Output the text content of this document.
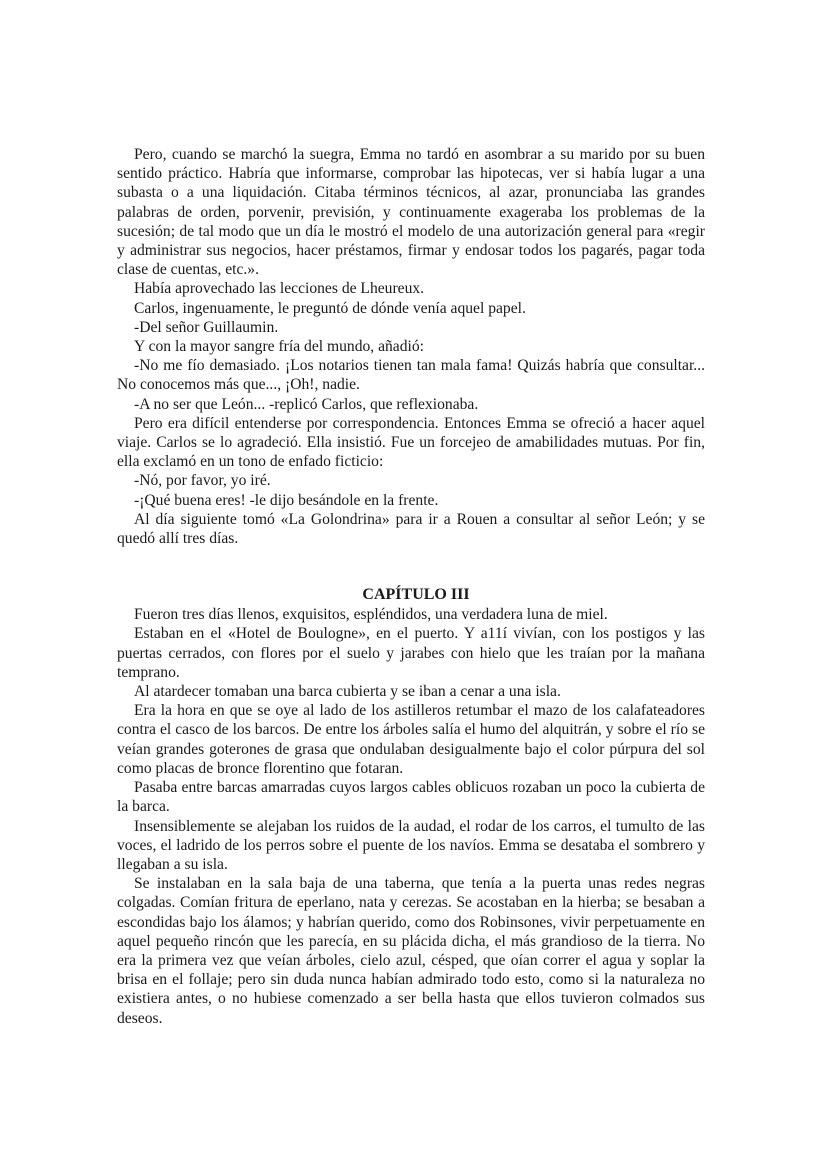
Pero, cuando se marchó la suegra, Emma no tardó en asombrar a su marido por su buen sentido práctico. Habría que informarse, comprobar las hipotecas, ver si había lugar a una subasta o a una liquidación. Citaba términos técnicos, al azar, pronunciaba las grandes palabras de orden, porvenir, previsión, y continuamente exageraba los problemas de la sucesión; de tal modo que un día le mostró el modelo de una autorización general para «regir y administrar sus negocios, hacer préstamos, firmar y endosar todos los pagarés, pagar toda clase de cuentas, etc.».

Había aprovechado las lecciones de Lheureux.

Carlos, ingenuamente, le preguntó de dónde venía aquel papel.

-Del señor Guillaumin.

Y con la mayor sangre fría del mundo, añadió:

-No me fío demasiado. ¡Los notarios tienen tan mala fama! Quizás habría que consultar... No conocemos más que..., ¡Oh!, nadie.

-A no ser que León... -replicó Carlos, que reflexionaba.

Pero era difícil entenderse por correspondencia. Entonces Emma se ofreció a hacer aquel viaje. Carlos se lo agradeció. Ella insistió. Fue un forcejeo de amabilidades mutuas. Por fin, ella exclamó en un tono de enfado ficticio:

-Nó, por favor, yo iré.

-¡Qué buena eres! -le dijo besándole en la frente.

Al día siguiente tomó «La Golondrina» para ir a Rouen a consultar al señor León; y se quedó allí tres días.

CAPÍTULO III

Fueron tres días llenos, exquisitos, espléndidos, una verdadera luna de miel.

Estaban en el «Hotel de Boulogne», en el puerto. Y a11í vivían, con los postigos y las puertas cerrados, con flores por el suelo y jarabes con hielo que les traían por la mañana temprano.

Al atardecer tomaban una barca cubierta y se iban a cenar a una isla.

Era la hora en que se oye al lado de los astilleros retumbar el mazo de los calafateadores contra el casco de los barcos. De entre los árboles salía el humo del alquitrán, y sobre el río se veían grandes goterones de grasa que ondulaban desigualmente bajo el color púrpura del sol como placas de bronce florentino que fotaran.

Pasaba entre barcas amarradas cuyos largos cables oblicuos rozaban un poco la cubierta de la barca.

Insensiblemente se alejaban los ruidos de la audad, el rodar de los carros, el tumulto de las voces, el ladrido de los perros sobre el puente de los navíos. Emma se desataba el sombrero y llegaban a su isla.

Se instalaban en la sala baja de una taberna, que tenía a la puerta unas redes negras colgadas. Comían fritura de eperlano, nata y cerezas. Se acostaban en la hierba; se besaban a escondidas bajo los álamos; y habrían querido, como dos Robinsones, vivir perpetuamente en aquel pequeño rincón que les parecía, en su plácida dicha, el más grandioso de la tierra. No era la primera vez que veían árboles, cielo azul, césped, que oían correr el agua y soplar la brisa en el follaje; pero sin duda nunca habían admirado todo esto, como si la naturaleza no existiera antes, o no hubiese comenzado a ser bella hasta que ellos tuvieron colmados sus deseos.
